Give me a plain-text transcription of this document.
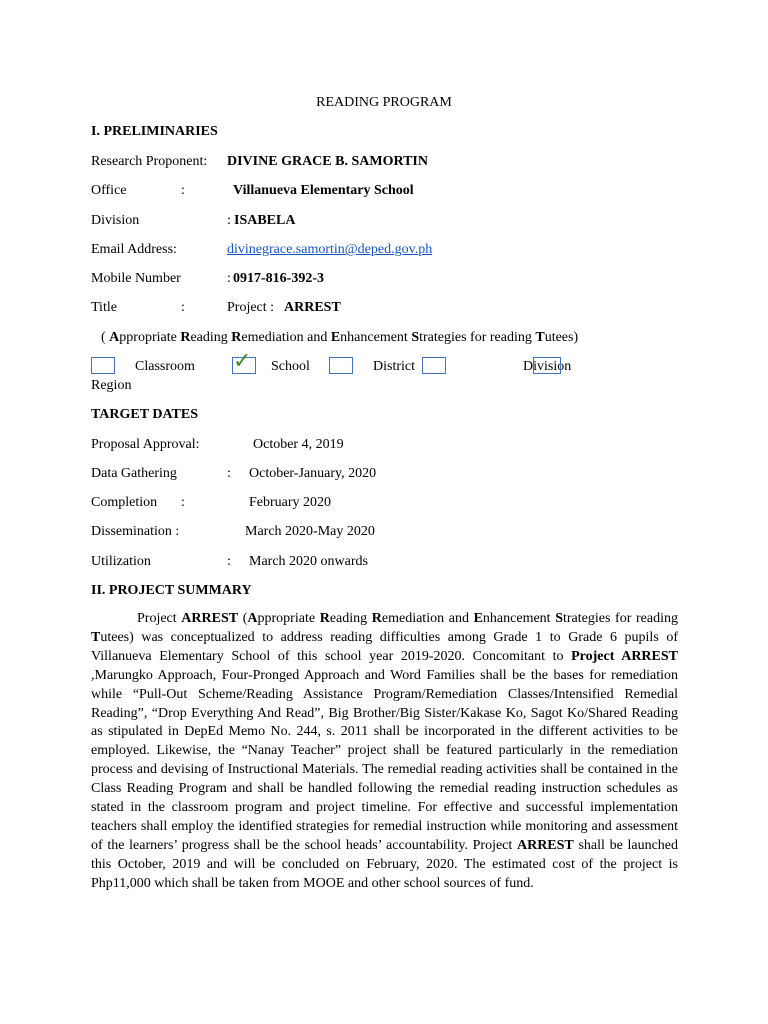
READING PROGRAM
I. PRELIMINARIES
Research Proponent: DIVINE GRACE B. SAMORTIN
Office	:	Villanueva Elementary School
Division	: ISABELA
Email Address:	divinegrace.samortin@deped.gov.ph
Mobile Number	: 0917-816-392-3
Title	:	Project : ARREST
( Appropriate Reading Remediation and Enhancement Strategies for reading Tutees)
Classroom ✓ School	District	Division
Region
TARGET DATES
Proposal Approval:	October 4, 2019
Data Gathering	: October-January, 2020
Completion :	February 2020
Dissemination :	March 2020-May 2020
Utilization	: March 2020 onwards
II. PROJECT SUMMARY

Project ARREST (Appropriate Reading Remediation and Enhancement Strategies for reading Tutees) was conceptualized to address reading difficulties among Grade 1 to Grade 6 pupils of Villanueva Elementary School of this school year 2019-2020. Concomitant to Project ARREST ,Marungko Approach, Four-Pronged Approach and Word Families shall be the bases for remediation while “Pull-Out Scheme/Reading Assistance Program/Remediation Classes/Intensified Remedial Reading”, “Drop Everything And Read”, Big Brother/Big Sister/Kakase Ko, Sagot Ko/Shared Reading as stipulated in DepEd Memo No. 244, s. 2011 shall be incorporated in the different activities to be employed. Likewise, the “Nanay Teacher” project shall be featured particularly in the remediation process and devising of Instructional Materials. The remedial reading activities shall be contained in the Class Reading Program and shall be handled following the remedial reading instruction schedules as stated in the classroom program and project timeline. For effective and successful implementation teachers shall employ the identified strategies for remedial instruction while monitoring and assessment of the learners’ progress shall be the school heads’ accountability. Project ARREST shall be launched this October, 2019 and will be concluded on February, 2020. The estimated cost of the project is Php11,000 which shall be taken from MOOE and other school sources of fund.
